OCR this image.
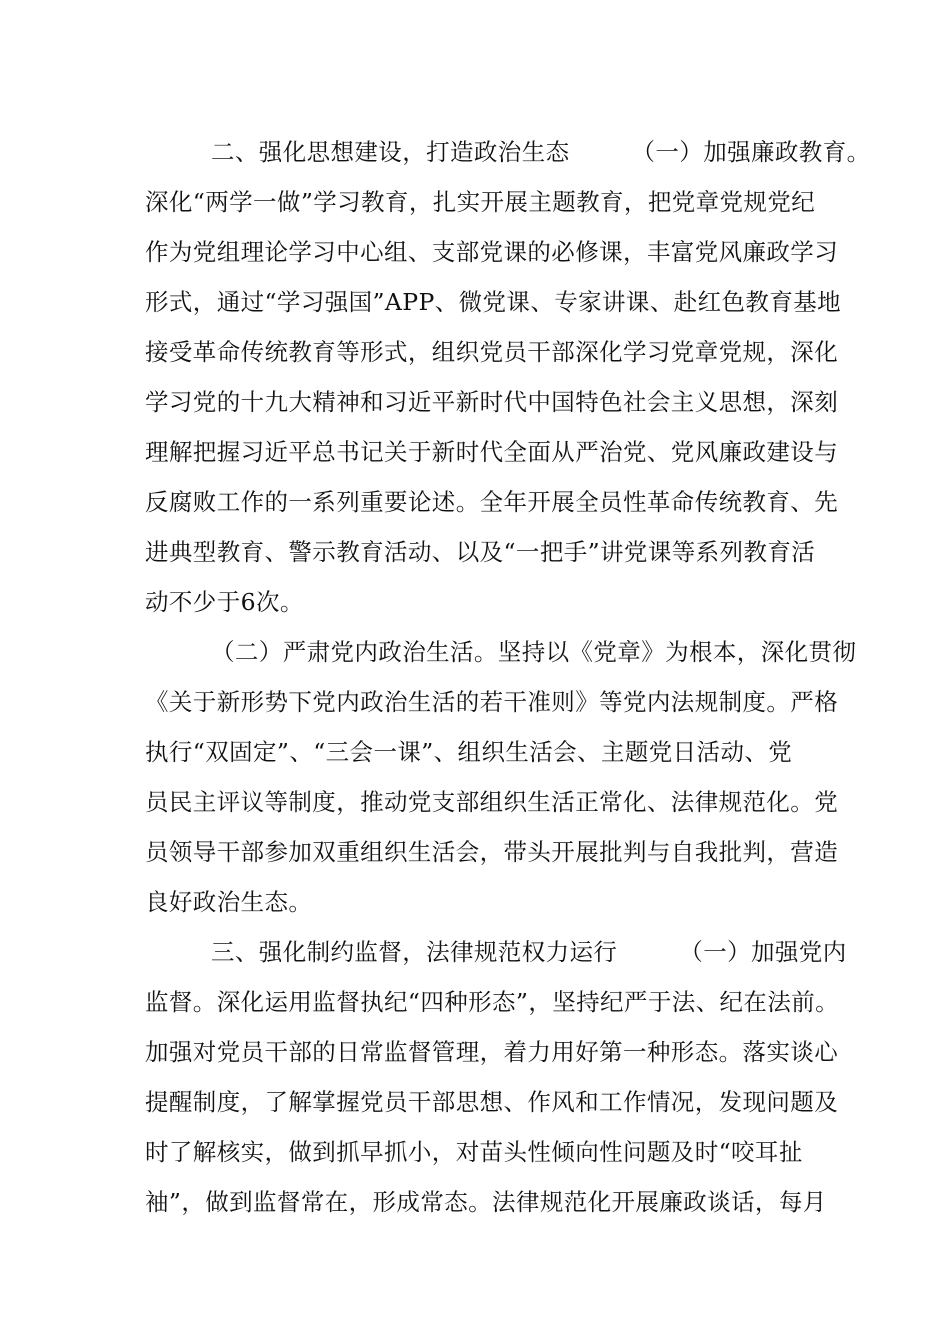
二、强化思想建设，打造政治生态	（一）加强廉政教育。
深化“两学一做”学习教育，扎实开展主题教育，把党章党规党纪
作为党组理论学习中心组、支部党课的必修课，丰富党风廉政学习
形式，通过“学习强国”APP、微党课、专家讲课、赴红色教育基地
接受革命传统教育等形式，组织党员干部深化学习党章党规，深化
学习党的十九大精神和习近平新时代中国特色社会主义思想，深刻
理解把握习近平总书记关于新时代全面从严治党、党风廉政建设与
反腐败工作的一系列重要论述。全年开展全员性革命传统教育、先
进典型教育、警示教育活动、以及“一把手”讲党课等系列教育活
动不少于6次。
（二）严肃党内政治生活。坚持以《党章》为根本，深化贯彻
《关于新形势下党内政治生活的若干准则》等党内法规制度。严格
执行“双固定”、“三会一课”、组织生活会、主题党日活动、党
员民主评议等制度，推动党支部组织生活正常化、法律规范化。党
员领导干部参加双重组织生活会，带头开展批判与自我批判，营造
良好政治生态。
三、强化制约监督，法律规范权力运行	（一）加强党内
监督。深化运用监督执纪“四种形态”，坚持纪严于法、纪在法前。
加强对党员干部的日常监督管理，着力用好第一种形态。落实谈心
提醒制度，了解掌握党员干部思想、作风和工作情况，发现问题及
时了解核实，做到抓早抓小，对苗头性倾向性问题及时“咬耳扯
袖”，做到监督常在，形成常态。法律规范化开展廉政谈话，每月
